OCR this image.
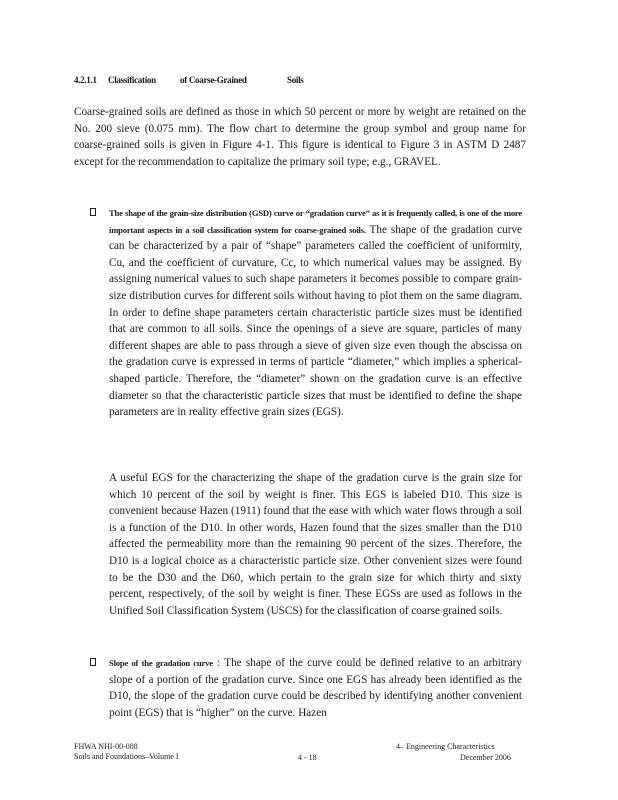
4.2.1.1	Classification	of Coarse-Grained	Soils
Coarse-grained soils are defined as those in which 50 percent or more by weight are retained on the No. 200 sieve (0.075 mm). The flow chart to determine the group symbol and group name for coarse-grained soils is given in Figure 4-1. This figure is identical to Figure 3 in ASTM D 2487 except for the recommendation to capitalize the primary soil type; e.g., GRAVEL.
The shape of the grain-size distribution (GSD) curve or “gradation curve” as it is frequently called, is one of the more important aspects in a soil classification system for coarse-grained soils. The shape of the gradation curve can be characterized by a pair of “shape” parameters called the coefficient of uniformity, Cu, and the coefficient of curvature, Cc, to which numerical values may be assigned. By assigning numerical values to such shape parameters it becomes possible to compare grain-size distribution curves for different soils without having to plot them on the same diagram. In order to define shape parameters certain characteristic particle sizes must be identified that are common to all soils. Since the openings of a sieve are square, particles of many different shapes are able to pass through a sieve of given size even though the abscissa on the gradation curve is expressed in terms of particle “diameter,” which implies a spherical-shaped particle. Therefore, the “diameter” shown on the gradation curve is an effective diameter so that the characteristic particle sizes that must be identified to define the shape parameters are in reality effective grain sizes (EGS).
A useful EGS for the characterizing the shape of the gradation curve is the grain size for which 10 percent of the soil by weight is finer. This EGS is labeled D10. This size is convenient because Hazen (1911) found that the ease with which water flows through a soil is a function of the D10. In other words, Hazen found that the sizes smaller than the D10 affected the permeability more than the remaining 90 percent of the sizes. Therefore, the D10 is a logical choice as a characteristic particle size. Other convenient sizes were found to be the D30 and the D60, which pertain to the grain size for which thirty and sixty percent, respectively, of the soil by weight is finer. These EGSs are used as follows in the Unified Soil Classification System (USCS) for the classification of coarse grained soils.
Slope of the gradation curve : The shape of the curve could be defined relative to an arbitrary slope of a portion of the gradation curve. Since one EGS has already been identified as the D10, the slope of the gradation curve could be described by identifying another convenient point (EGS) that is “higher” on the curve. Hazen
FHWA NHI-00-088
Soils and Foundations–Volume I	4 - 18
4– Engineering Characteristics
December 2006
